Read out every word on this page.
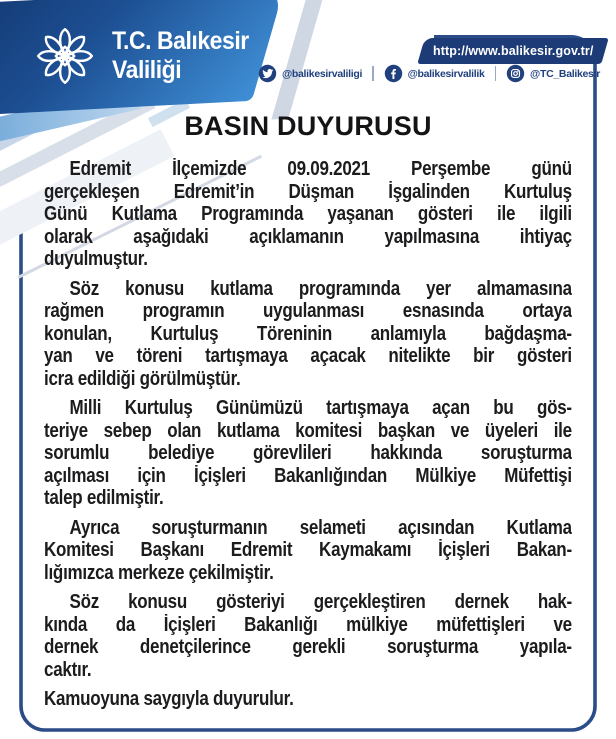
T.C. Balıkesir
Valiliği
http://www.balikesir.gov.tr/
@balikesirvaliligi	@balikesirvalilik	@TC_Balikesir
BASIN DUYURUSU
Edremit İlçemizde 09.09.2021 Perşembe günü
gerçekleşen Edremit’in Düşman İşgalinden Kurtuluş
Günü Kutlama Programında yaşanan gösteri ile ilgili
olarak aşağıdaki açıklamanın yapılmasına ihtiyaç
duyulmuştur.
Söz konusu kutlama programında yer almamasına
rağmen programın uygulanması esnasında ortaya
konulan, Kurtuluş Töreninin anlamıyla bağdaşma-
yan ve töreni tartışmaya açacak nitelikte bir gösteri
icra edildiği görülmüştür.
Milli Kurtuluş Günümüzü tartışmaya açan bu gös-
teriye sebep olan kutlama komitesi başkan ve üyeleri ile
sorumlu belediye görevlileri hakkında soruşturma
açılması için İçişleri Bakanlığından Mülkiye Müfettişi
talep edilmiştir.
Ayrıca soruşturmanın selameti açısından Kutlama
Komitesi Başkanı Edremit Kaymakamı İçişleri Bakan-
lığımızca merkeze çekilmiştir.
Söz konusu gösteriyi gerçekleştiren dernek hak-
kında da İçişleri Bakanlığı mülkiye müfettişleri ve
dernek denetçilerince gerekli soruşturma yapıla-
caktır.
Kamuoyuna saygıyla duyurulur.
